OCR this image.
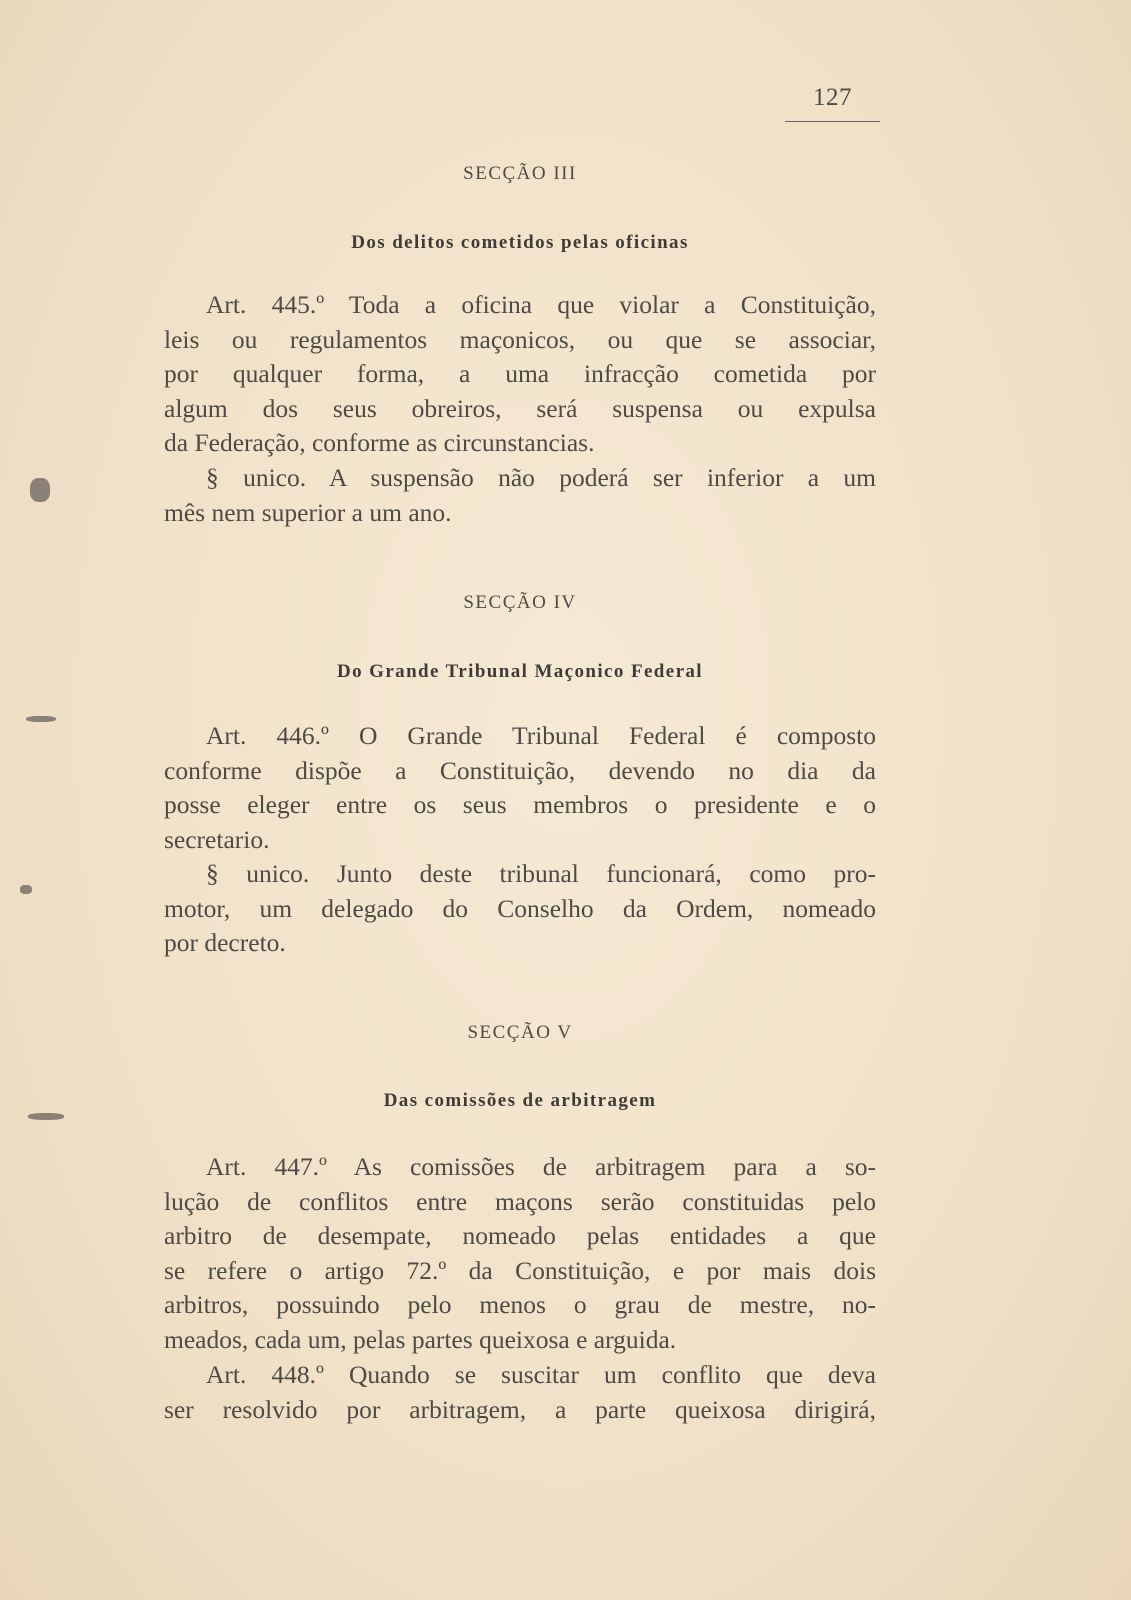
127
SECÇÃO III
Dos delitos cometidos pelas oficinas
Art. 445.º Toda a oficina que violar a Constituição,
leis ou regulamentos maçonicos, ou que se associar,
por qualquer forma, a uma infracção cometida por
algum dos seus obreiros, será suspensa ou expulsa
da Federação, conforme as circunstancias.
§ unico. A suspensão não poderá ser inferior a um
mês nem superior a um ano.
SECÇÃO IV
Do Grande Tribunal Maçonico Federal
Art. 446.º O Grande Tribunal Federal é composto
conforme dispõe a Constituição, devendo no dia da
posse eleger entre os seus membros o presidente e o
secretario.
§ unico. Junto deste tribunal funcionará, como pro-
motor, um delegado do Conselho da Ordem, nomeado
por decreto.
SECÇÃO V
Das comissões de arbitragem
Art. 447.º As comissões de arbitragem para a so-
lução de conflitos entre maçons serão constituidas pelo
arbitro de desempate, nomeado pelas entidades a que
se refere o artigo 72.º da Constituição, e por mais dois
arbitros, possuindo pelo menos o grau de mestre, no-
meados, cada um, pelas partes queixosa e arguida.
Art. 448.º Quando se suscitar um conflito que deva
ser resolvido por arbitragem, a parte queixosa dirigirá,
